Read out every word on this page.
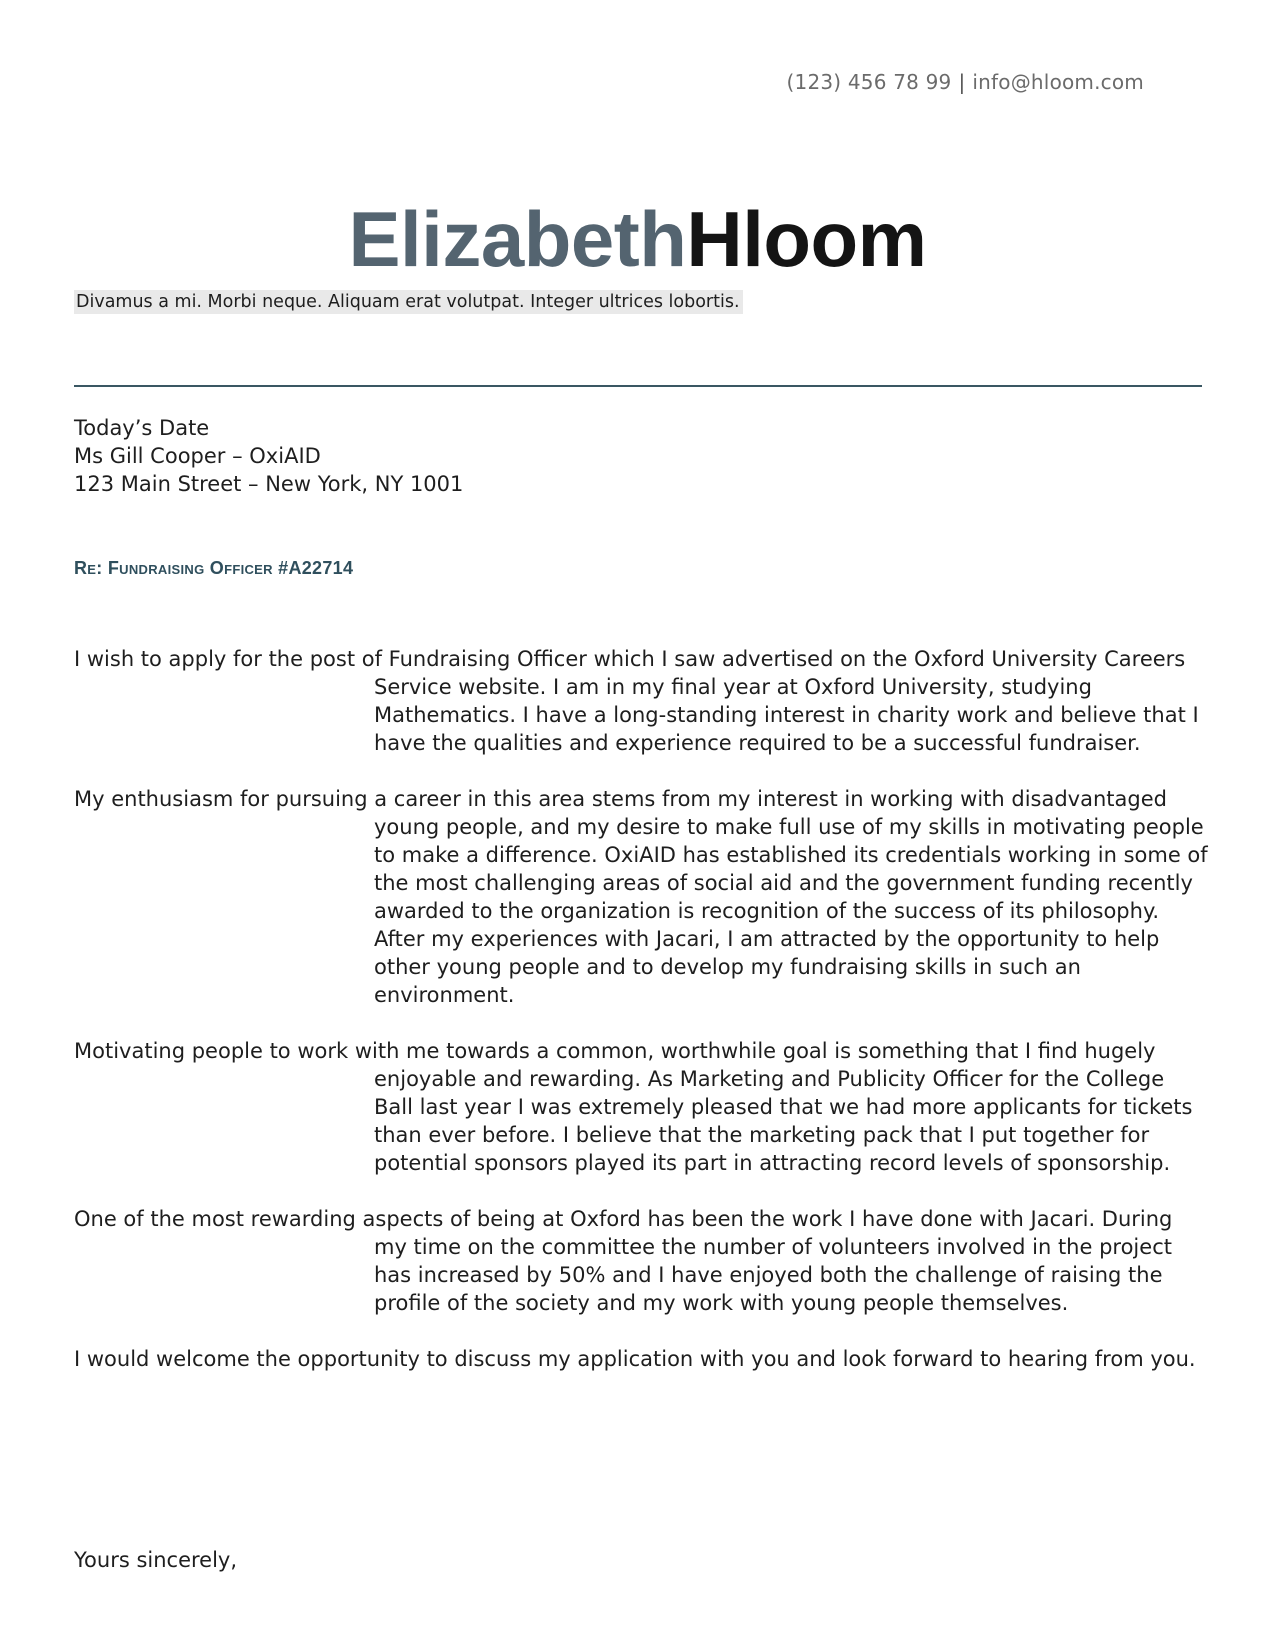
(123) 456 78 99 | info@hloom.com
ElizabethHloom
Divamus a mi. Morbi neque. Aliquam erat volutpat. Integer ultrices lobortis.
Today’s Date
Ms Gill Cooper – OxiAID
123 Main Street – New York, NY 1001
Re: Fundraising Officer #A22714

I wish to apply for the post of Fundraising Officer which I saw advertised on the Oxford University Careers Service website. I am in my final year at Oxford University, studying Mathematics. I have a long-standing interest in charity work and believe that I have the qualities and experience required to be a successful fundraiser.

My enthusiasm for pursuing a career in this area stems from my interest in working with disadvantaged young people, and my desire to make full use of my skills in motivating people to make a difference. OxiAID has established its credentials working in some of the most challenging areas of social aid and the government funding recently awarded to the organization is recognition of the success of its philosophy. After my experiences with Jacari, I am attracted by the opportunity to help other young people and to develop my fundraising skills in such an environment.

Motivating people to work with me towards a common, worthwhile goal is something that I find hugely enjoyable and rewarding. As Marketing and Publicity Officer for the College Ball last year I was extremely pleased that we had more applicants for tickets than ever before. I believe that the marketing pack that I put together for potential sponsors played its part in attracting record levels of sponsorship.

One of the most rewarding aspects of being at Oxford has been the work I have done with Jacari. During my time on the committee the number of volunteers involved in the project has increased by 50% and I have enjoyed both the challenge of raising the profile of the society and my work with young people themselves.

I would welcome the opportunity to discuss my application with you and look forward to hearing from you.

Yours sincerely,
